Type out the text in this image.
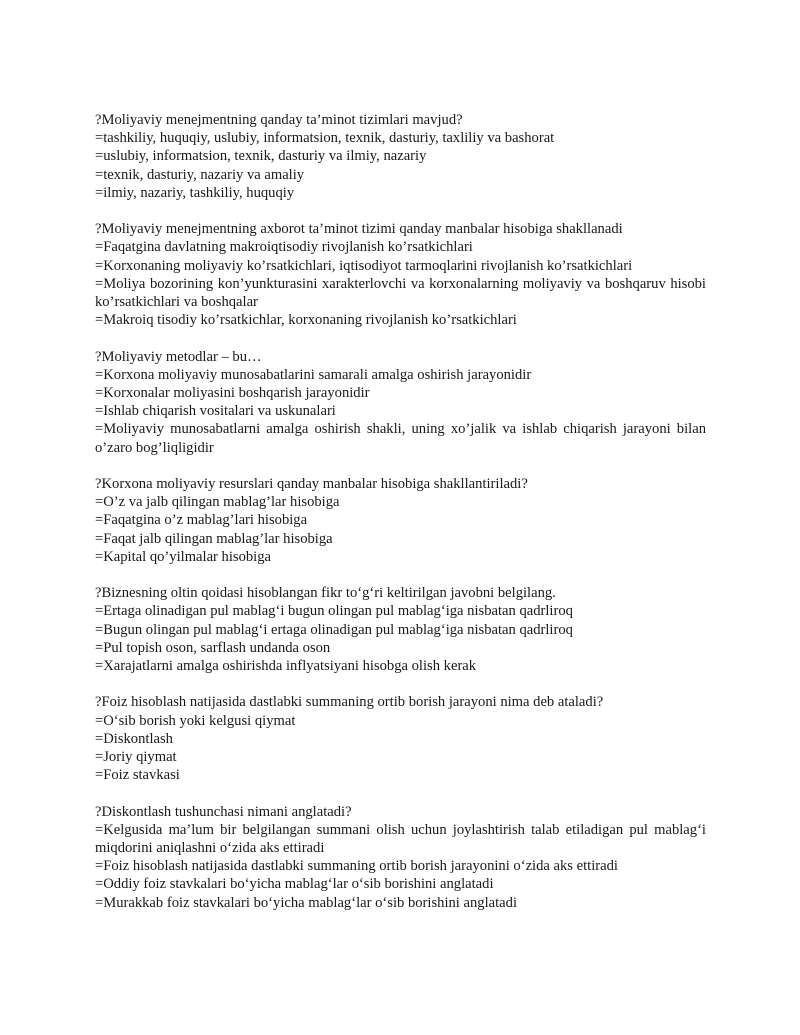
?Moliyaviy menejmentning qanday ta’minot tizimlari mavjud?
=tashkiliy, huquqiy, uslubiy, informatsion, texnik, dasturiy, taxliliy va bashorat
=uslubiy, informatsion, texnik, dasturiy va ilmiy, nazariy
=texnik, dasturiy, nazariy va amaliy
=ilmiy, nazariy, tashkiliy, huquqiy
?Moliyaviy menejmentning axborot ta’minot tizimi qanday manbalar hisobiga shakllanadi
=Faqatgina davlatning makroiqtisodiy rivojlanish ko’rsatkichlari
=Korxonaning moliyaviy ko’rsatkichlari, iqtisodiyot tarmoqlarini rivojlanish ko’rsatkichlari
=Moliya bozorining kon’yunkturasini xarakterlovchi va korxonalarning moliyaviy va boshqaruv hisobi ko’rsatkichlari va boshqalar
=Makroiq tisodiy ko’rsatkichlar, korxonaning rivojlanish ko’rsatkichlari
?Moliyaviy metodlar – bu…
=Korxona moliyaviy munosabatlarini samarali amalga oshirish jarayonidir
=Korxonalar moliyasini boshqarish jarayonidir
=Ishlab chiqarish vositalari va uskunalari
=Moliyaviy munosabatlarni amalga oshirish shakli, uning xo’jalik va ishlab chiqarish jarayoni bilan o’zaro bog’liqligidir
?Korxona moliyaviy resurslari qanday manbalar hisobiga shakllantiriladi?
=O’z va jalb qilingan mablag’lar hisobiga
=Faqatgina o’z mablag’lari hisobiga
=Faqat jalb qilingan mablag’lar hisobiga
=Kapital qo’yilmalar hisobiga
?Biznesning oltin qoidasi hisoblangan fikr to‘g‘ri keltirilgan javobni belgilang.
=Ertaga olinadigan pul mablag‘i bugun olingan pul mablag‘iga nisbatan qadrliroq
=Bugun olingan pul mablag‘i ertaga olinadigan pul mablag‘iga nisbatan qadrliroq
=Pul topish oson, sarflash undanda oson
=Xarajatlarni amalga oshirishda inflyatsiyani hisobga olish kerak
?Foiz hisoblash natijasida dastlabki summaning ortib borish jarayoni nima deb ataladi?
=O‘sib borish yoki kelgusi qiymat
=Diskontlash
=Joriy qiymat
=Foiz stavkasi
?Diskontlash tushunchasi nimani anglatadi?
=Kelgusida ma’lum bir belgilangan summani olish uchun joylashtirish talab etiladigan pul mablag‘i miqdorini aniqlashni o‘zida aks ettiradi
=Foiz hisoblash natijasida dastlabki summaning ortib borish jarayonini o‘zida aks ettiradi
=Oddiy foiz stavkalari bo‘yicha mablag‘lar o‘sib borishini anglatadi
=Murakkab foiz stavkalari bo‘yicha mablag‘lar o‘sib borishini anglatadi
